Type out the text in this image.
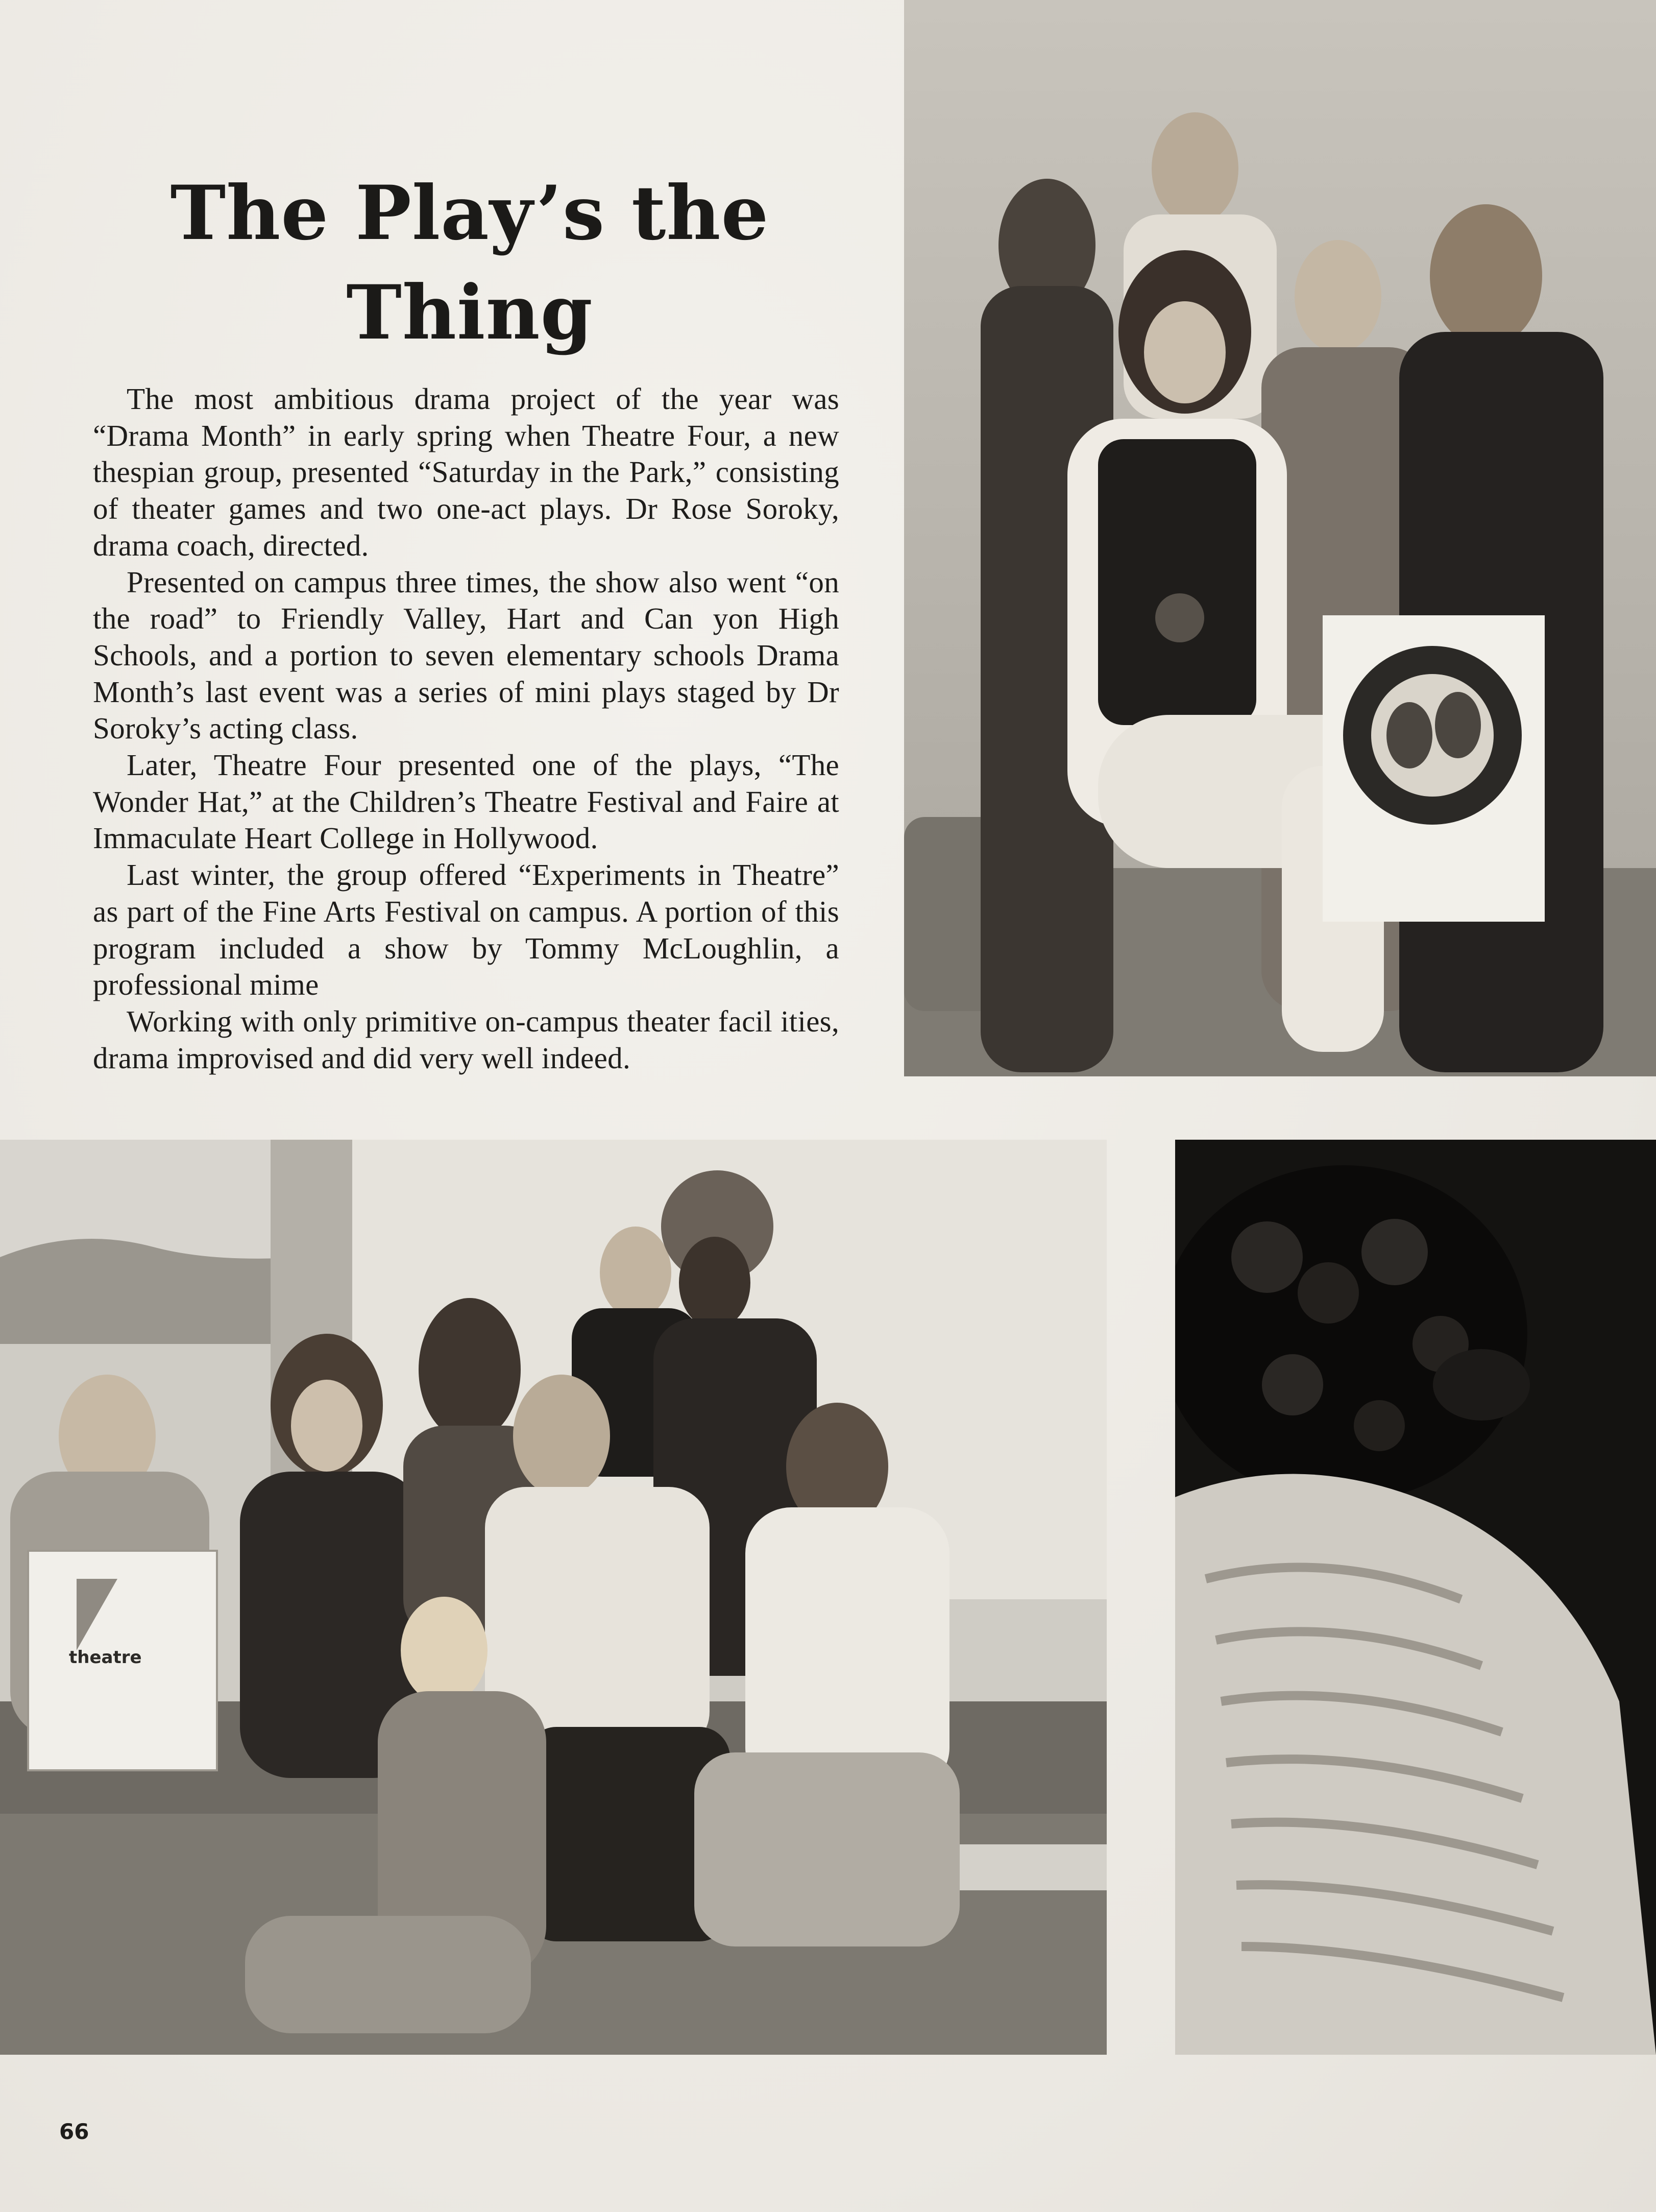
The Play’s the
Thing

The most ambitious drama project of the year was “Drama Month” in early spring when Theatre Four, a new thespian group, presented “Saturday in the Park,” consisting of theater games and two one-act plays. Dr Rose Soroky, drama coach, directed.

Presented on campus three times, the show also went “on the road” to Friendly Valley, Hart and Can yon High Schools, and a portion to seven elementary schools Drama Month’s last event was a series of mini plays staged by Dr Soroky’s acting class.

Later, Theatre Four presented one of the plays, “The Wonder Hat,” at the Children’s Theatre Festival and Faire at Immaculate Heart College in Hollywood.

Last winter, the group offered “Experiments in Theatre” as part of the Fine Arts Festival on campus. A portion of this program included a show by Tommy McLoughlin, a professional mime

Working with only primitive on-campus theater facil ities, drama improvised and did very well indeed.

theatre
66
